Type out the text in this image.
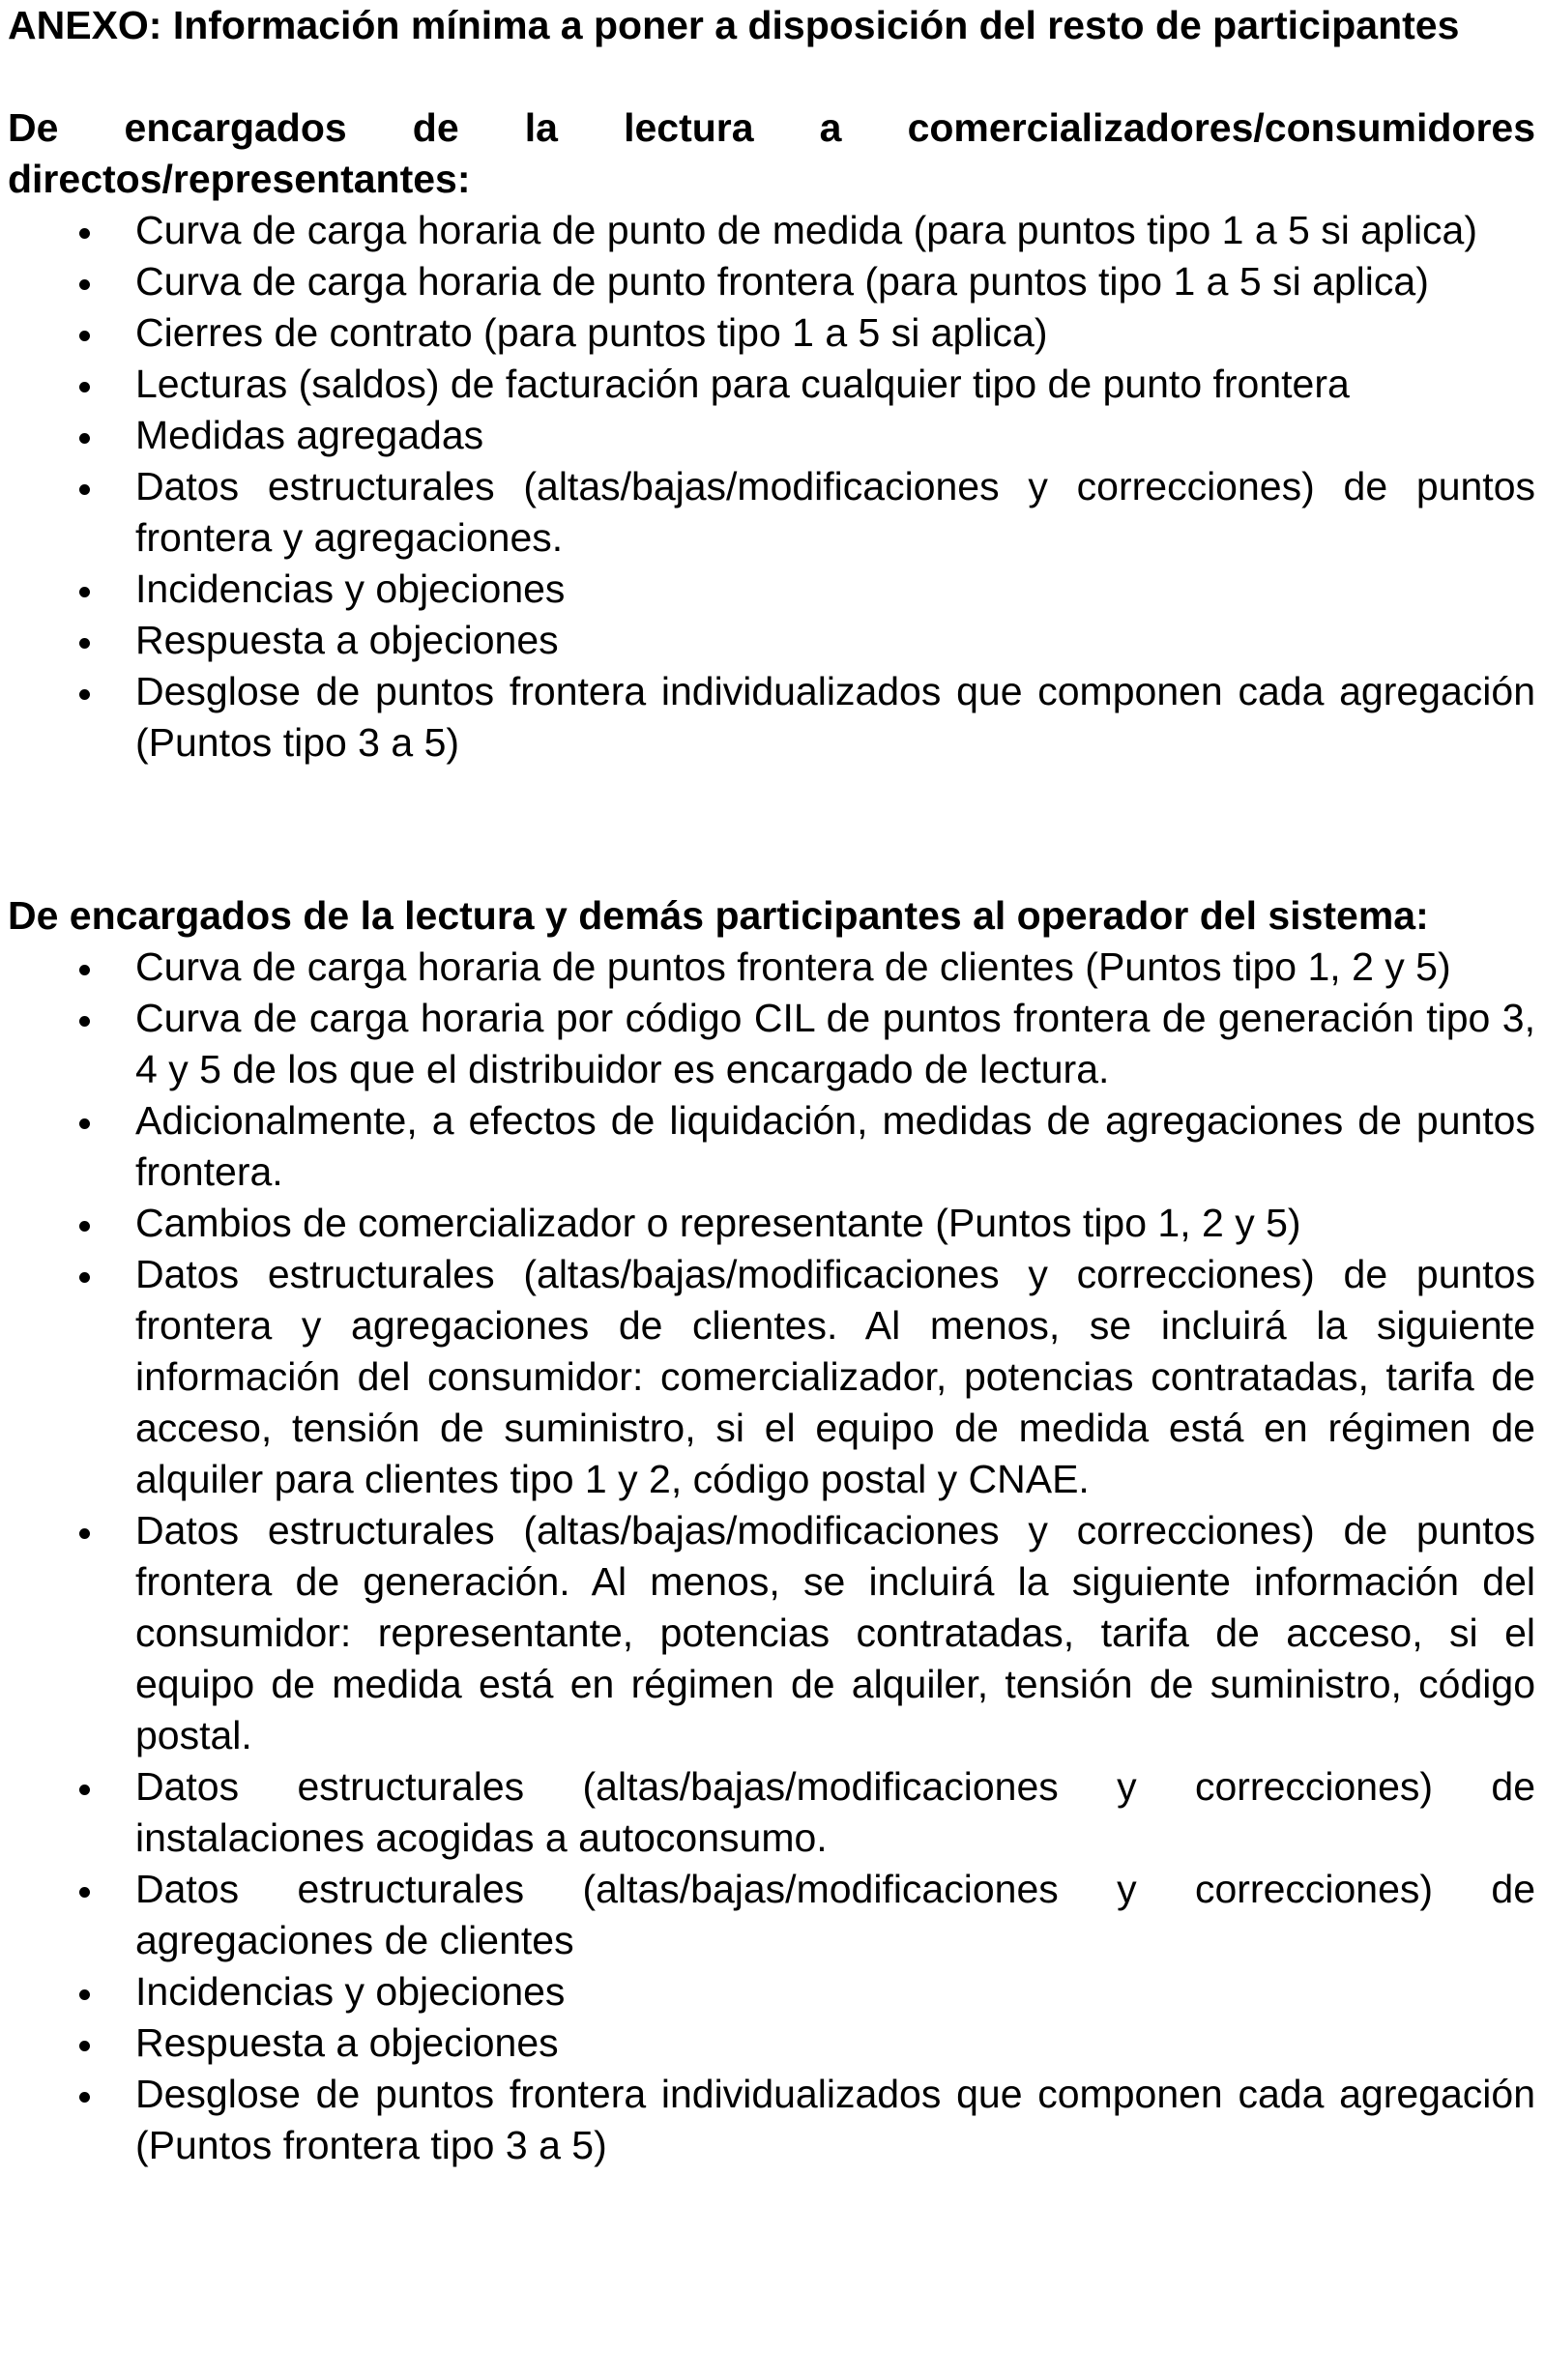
ANEXO: Información mínima a poner a disposición del resto de participantes

De encargados de la lectura a comercializadores/consumidores directos/representantes:

Curva de carga horaria de punto de medida (para puntos tipo 1 a 5 si aplica)
Curva de carga horaria de punto frontera (para puntos tipo 1 a 5 si aplica)
Cierres de contrato (para puntos tipo 1 a 5 si aplica)
Lecturas (saldos) de facturación para cualquier tipo de punto frontera
Medidas agregadas
Datos estructurales (altas/bajas/modificaciones y correcciones) de puntos frontera y agregaciones.
Incidencias y objeciones
Respuesta a objeciones
Desglose de puntos frontera individualizados que componen cada agregación (Puntos tipo 3 a 5)

De encargados de la lectura y demás participantes al operador del sistema:

Curva de carga horaria de puntos frontera de clientes (Puntos tipo 1, 2 y 5)
Curva de carga horaria por código CIL de puntos frontera de generación tipo 3, 4 y 5 de los que el distribuidor es encargado de lectura.
Adicionalmente, a efectos de liquidación, medidas de agregaciones de puntos frontera.
Cambios de comercializador o representante (Puntos tipo 1, 2 y 5)
Datos estructurales (altas/bajas/modificaciones y correcciones) de puntos frontera y agregaciones de clientes. Al menos, se incluirá la siguiente información del consumidor: comercializador, potencias contratadas, tarifa de acceso, tensión de suministro, si el equipo de medida está en régimen de alquiler para clientes tipo 1 y 2, código postal y CNAE.
Datos estructurales (altas/bajas/modificaciones y correcciones) de puntos frontera de generación. Al menos, se incluirá la siguiente información del consumidor: representante, potencias contratadas, tarifa de acceso, si el equipo de medida está en régimen de alquiler, tensión de suministro, código postal.
Datos estructurales (altas/bajas/modificaciones y correcciones) de instalaciones acogidas a autoconsumo.
Datos estructurales (altas/bajas/modificaciones y correcciones) de agregaciones de clientes
Incidencias y objeciones
Respuesta a objeciones
Desglose de puntos frontera individualizados que componen cada agregación (Puntos frontera tipo 3 a 5)
